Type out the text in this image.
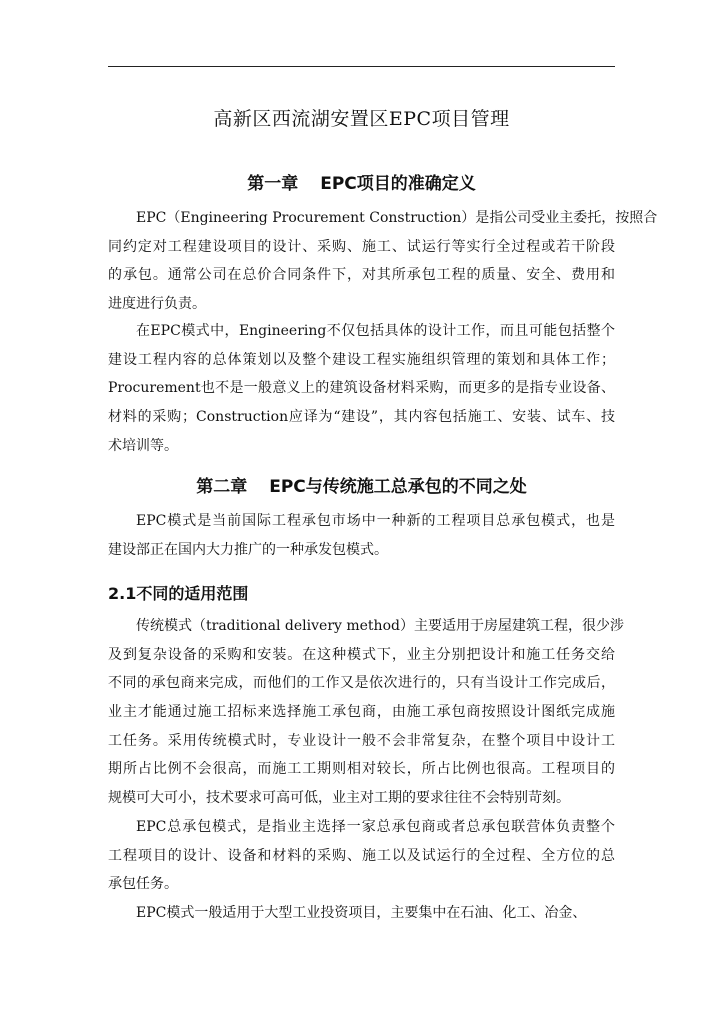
高新区西流湖安置区EPC项目管理
第一章 EPC项目的准确定义
EPC（Engineering Procurement Construction）是指公司受业主委托，按照合
同约定对工程建设项目的设计、采购、施工、试运行等实行全过程或若干阶段
的承包。通常公司在总价合同条件下，对其所承包工程的质量、安全、费用和
进度进行负责。
在EPC模式中，Engineering不仅包括具体的设计工作，而且可能包括整个
建设工程内容的总体策划以及整个建设工程实施组织管理的策划和具体工作；
Procurement也不是一般意义上的建筑设备材料采购，而更多的是指专业设备、
材料的采购；Construction应译为“建设”，其内容包括施工、安装、试车、技
术培训等。
第二章 EPC与传统施工总承包的不同之处
EPC模式是当前国际工程承包市场中一种新的工程项目总承包模式，也是
建设部正在国内大力推广的一种承发包模式。
2.1不同的适用范围
传统模式（traditional delivery method）主要适用于房屋建筑工程，很少涉
及到复杂设备的采购和安装。在这种模式下，业主分别把设计和施工任务交给
不同的承包商来完成，而他们的工作又是依次进行的，只有当设计工作完成后，
业主才能通过施工招标来选择施工承包商，由施工承包商按照设计图纸完成施
工任务。采用传统模式时，专业设计一般不会非常复杂，在整个项目中设计工
期所占比例不会很高，而施工工期则相对较长，所占比例也很高。工程项目的
规模可大可小，技术要求可高可低，业主对工期的要求往往不会特别苛刻。
EPC总承包模式，是指业主选择一家总承包商或者总承包联营体负责整个
工程项目的设计、设备和材料的采购、施工以及试运行的全过程、全方位的总
承包任务。
EPC模式一般适用于大型工业投资项目，主要集中在石油、化工、冶金、
